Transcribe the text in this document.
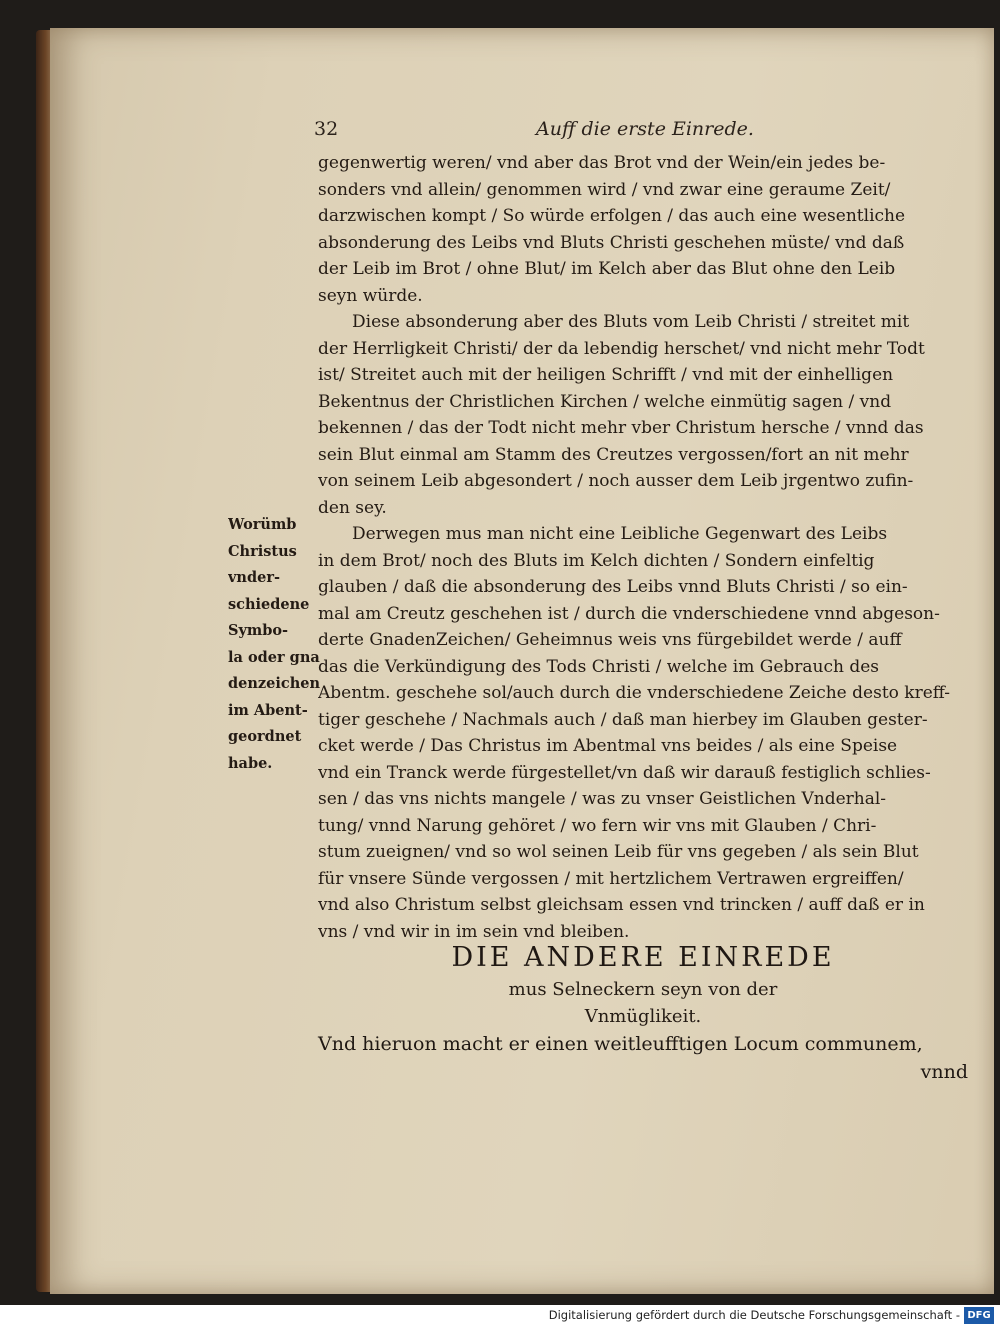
32	Auff die erste Einrede.
gegenwertig weren/ vnd aber das Brot vnd der Wein/ein jedes be-
sonders vnd allein/ genommen wird / vnd zwar eine geraume Zeit/
darzwischen kompt / So würde erfolgen / das auch eine wesentliche
absonderung des Leibs vnd Bluts Christi geschehen müste/ vnd daß
der Leib im Brot / ohne Blut/ im Kelch aber das Blut ohne den Leib
seyn würde.
Diese absonderung aber des Bluts vom Leib Christi / streitet mit
der Herrligkeit Christi/ der da lebendig herschet/ vnd nicht mehr Todt
ist/ Streitet auch mit der heiligen Schrifft / vnd mit der einhelligen
Bekentnus der Christlichen Kirchen / welche einmütig sagen / vnd
bekennen / das der Todt nicht mehr vber Christum hersche / vnnd das
sein Blut einmal am Stamm des Creutzes vergossen/fort an nit mehr
von seinem Leib abgesondert / noch ausser dem Leib jrgentwo zufin-
den sey.
Derwegen mus man nicht eine Leibliche Gegenwart des Leibs
in dem Brot/ noch des Bluts im Kelch dichten / Sondern einfeltig
glauben / daß die absonderung des Leibs vnnd Bluts Christi / so ein-
mal am Creutz geschehen ist / durch die vnderschiedene vnnd abgeson-
derte GnadenZeichen/ Geheimnus weis vns fürgebildet werde / auff
das die Verkündigung des Tods Christi / welche im Gebrauch des
Abentm. geschehe sol/auch durch die vnderschiedene Zeiche desto kreff-
tiger geschehe / Nachmals auch / daß man hierbey im Glauben gester-
cket werde / Das Christus im Abentmal vns beides / als eine Speise
vnd ein Tranck werde fürgestellet/vn daß wir darauß festiglich schlies-
sen / das vns nichts mangele / was zu vnser Geistlichen Vnderhal-
tung/ vnnd Narung gehöret / wo fern wir vns mit Glauben / Chri-
stum zueignen/ vnd so wol seinen Leib für vns gegeben / als sein Blut
für vnsere Sünde vergossen / mit hertzlichem Vertrawen ergreiffen/
vnd also Christum selbst gleichsam essen vnd trincken / auff daß er in
vns / vnd wir in im sein vnd bleiben.
Worümb
Christus
vnder-
schiedene
Symbo-
la oder gna
denzeichen
im Abent-
geordnet
habe.
DIE ANDERE EINREDE
mus Selneckern seyn von der
Vnmüglikeit.
Vnd hieruon macht er einen weitleufftigen Locum communem,
vnnd
Digitalisierung gefördert durch die Deutsche Forschungsgemeinschaft - DFG
